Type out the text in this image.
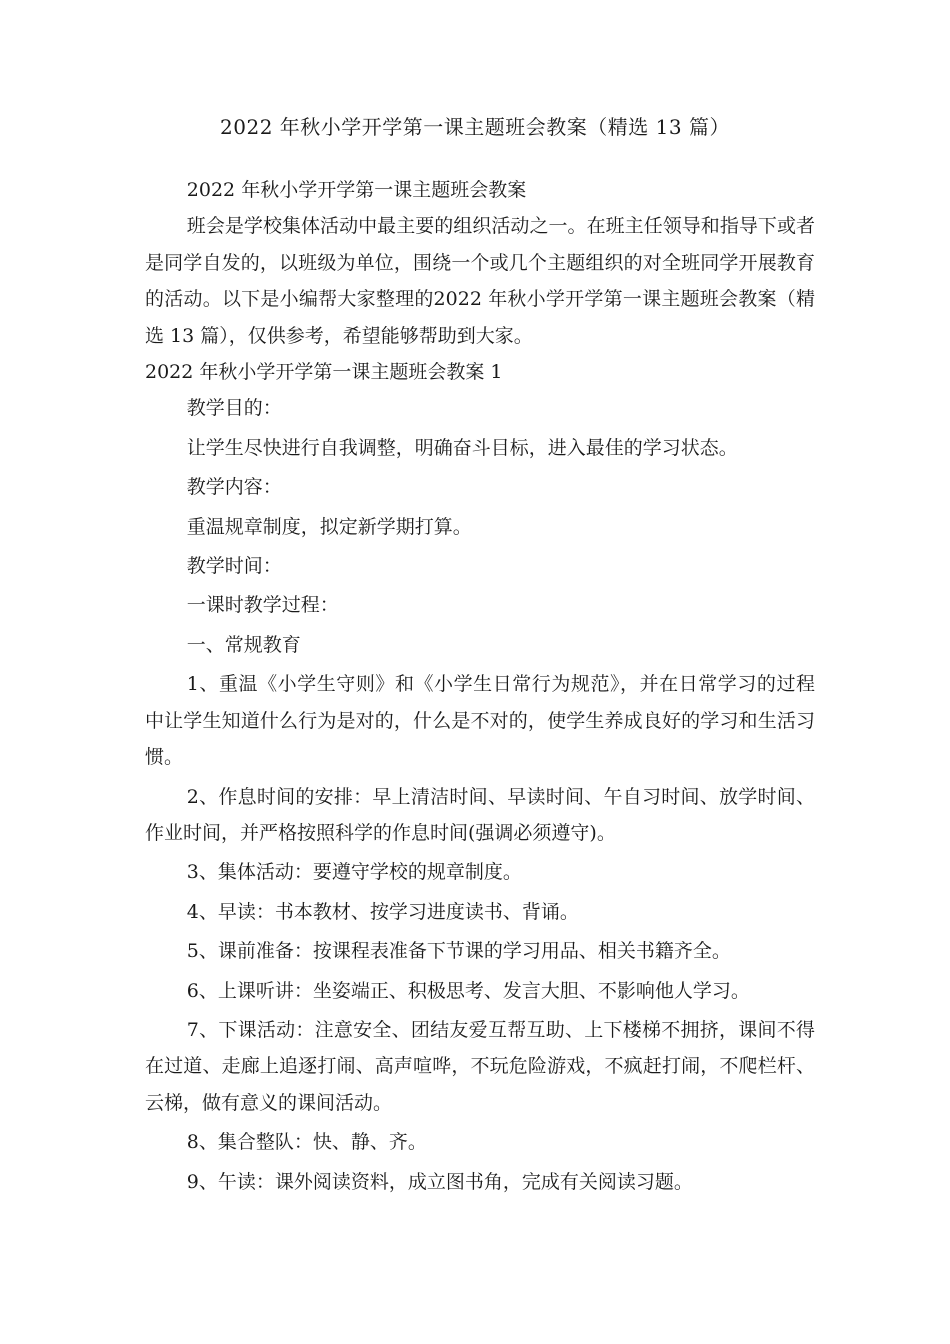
2022 年秋小学开学第一课主题班会教案（精选 13 篇）

2022 年秋小学开学第一课主题班会教案

班会是学校集体活动中最主要的组织活动之一。在班主任领导和指导下或者是同学自发的，以班级为单位，围绕一个或几个主题组织的对全班同学开展教育的活动。以下是小编帮大家整理的2022 年秋小学开学第一课主题班会教案（精选 13 篇），仅供参考，希望能够帮助到大家。

2022 年秋小学开学第一课主题班会教案 1

教学目的：

让学生尽快进行自我调整，明确奋斗目标，进入最佳的学习状态。

教学内容：

重温规章制度，拟定新学期打算。

教学时间：

一课时教学过程：

一、常规教育

1、重温《小学生守则》和《小学生日常行为规范》，并在日常学习的过程中让学生知道什么行为是对的，什么是不对的，使学生养成良好的学习和生活习惯。

2、作息时间的安排：早上清洁时间、早读时间、午自习时间、放学时间、作业时间，并严格按照科学的作息时间(强调必须遵守)。

3、集体活动：要遵守学校的规章制度。

4、早读：书本教材、按学习进度读书、背诵。

5、课前准备：按课程表准备下节课的学习用品、相关书籍齐全。

6、上课听讲：坐姿端正、积极思考、发言大胆、不影响他人学习。

7、下课活动：注意安全、团结友爱互帮互助、上下楼梯不拥挤，课间不得在过道、走廊上追逐打闹、高声喧哗，不玩危险游戏，不疯赶打闹，不爬栏杆、云梯，做有意义的课间活动。

8、集合整队：快、静、齐。

9、午读：课外阅读资料，成立图书角，完成有关阅读习题。
